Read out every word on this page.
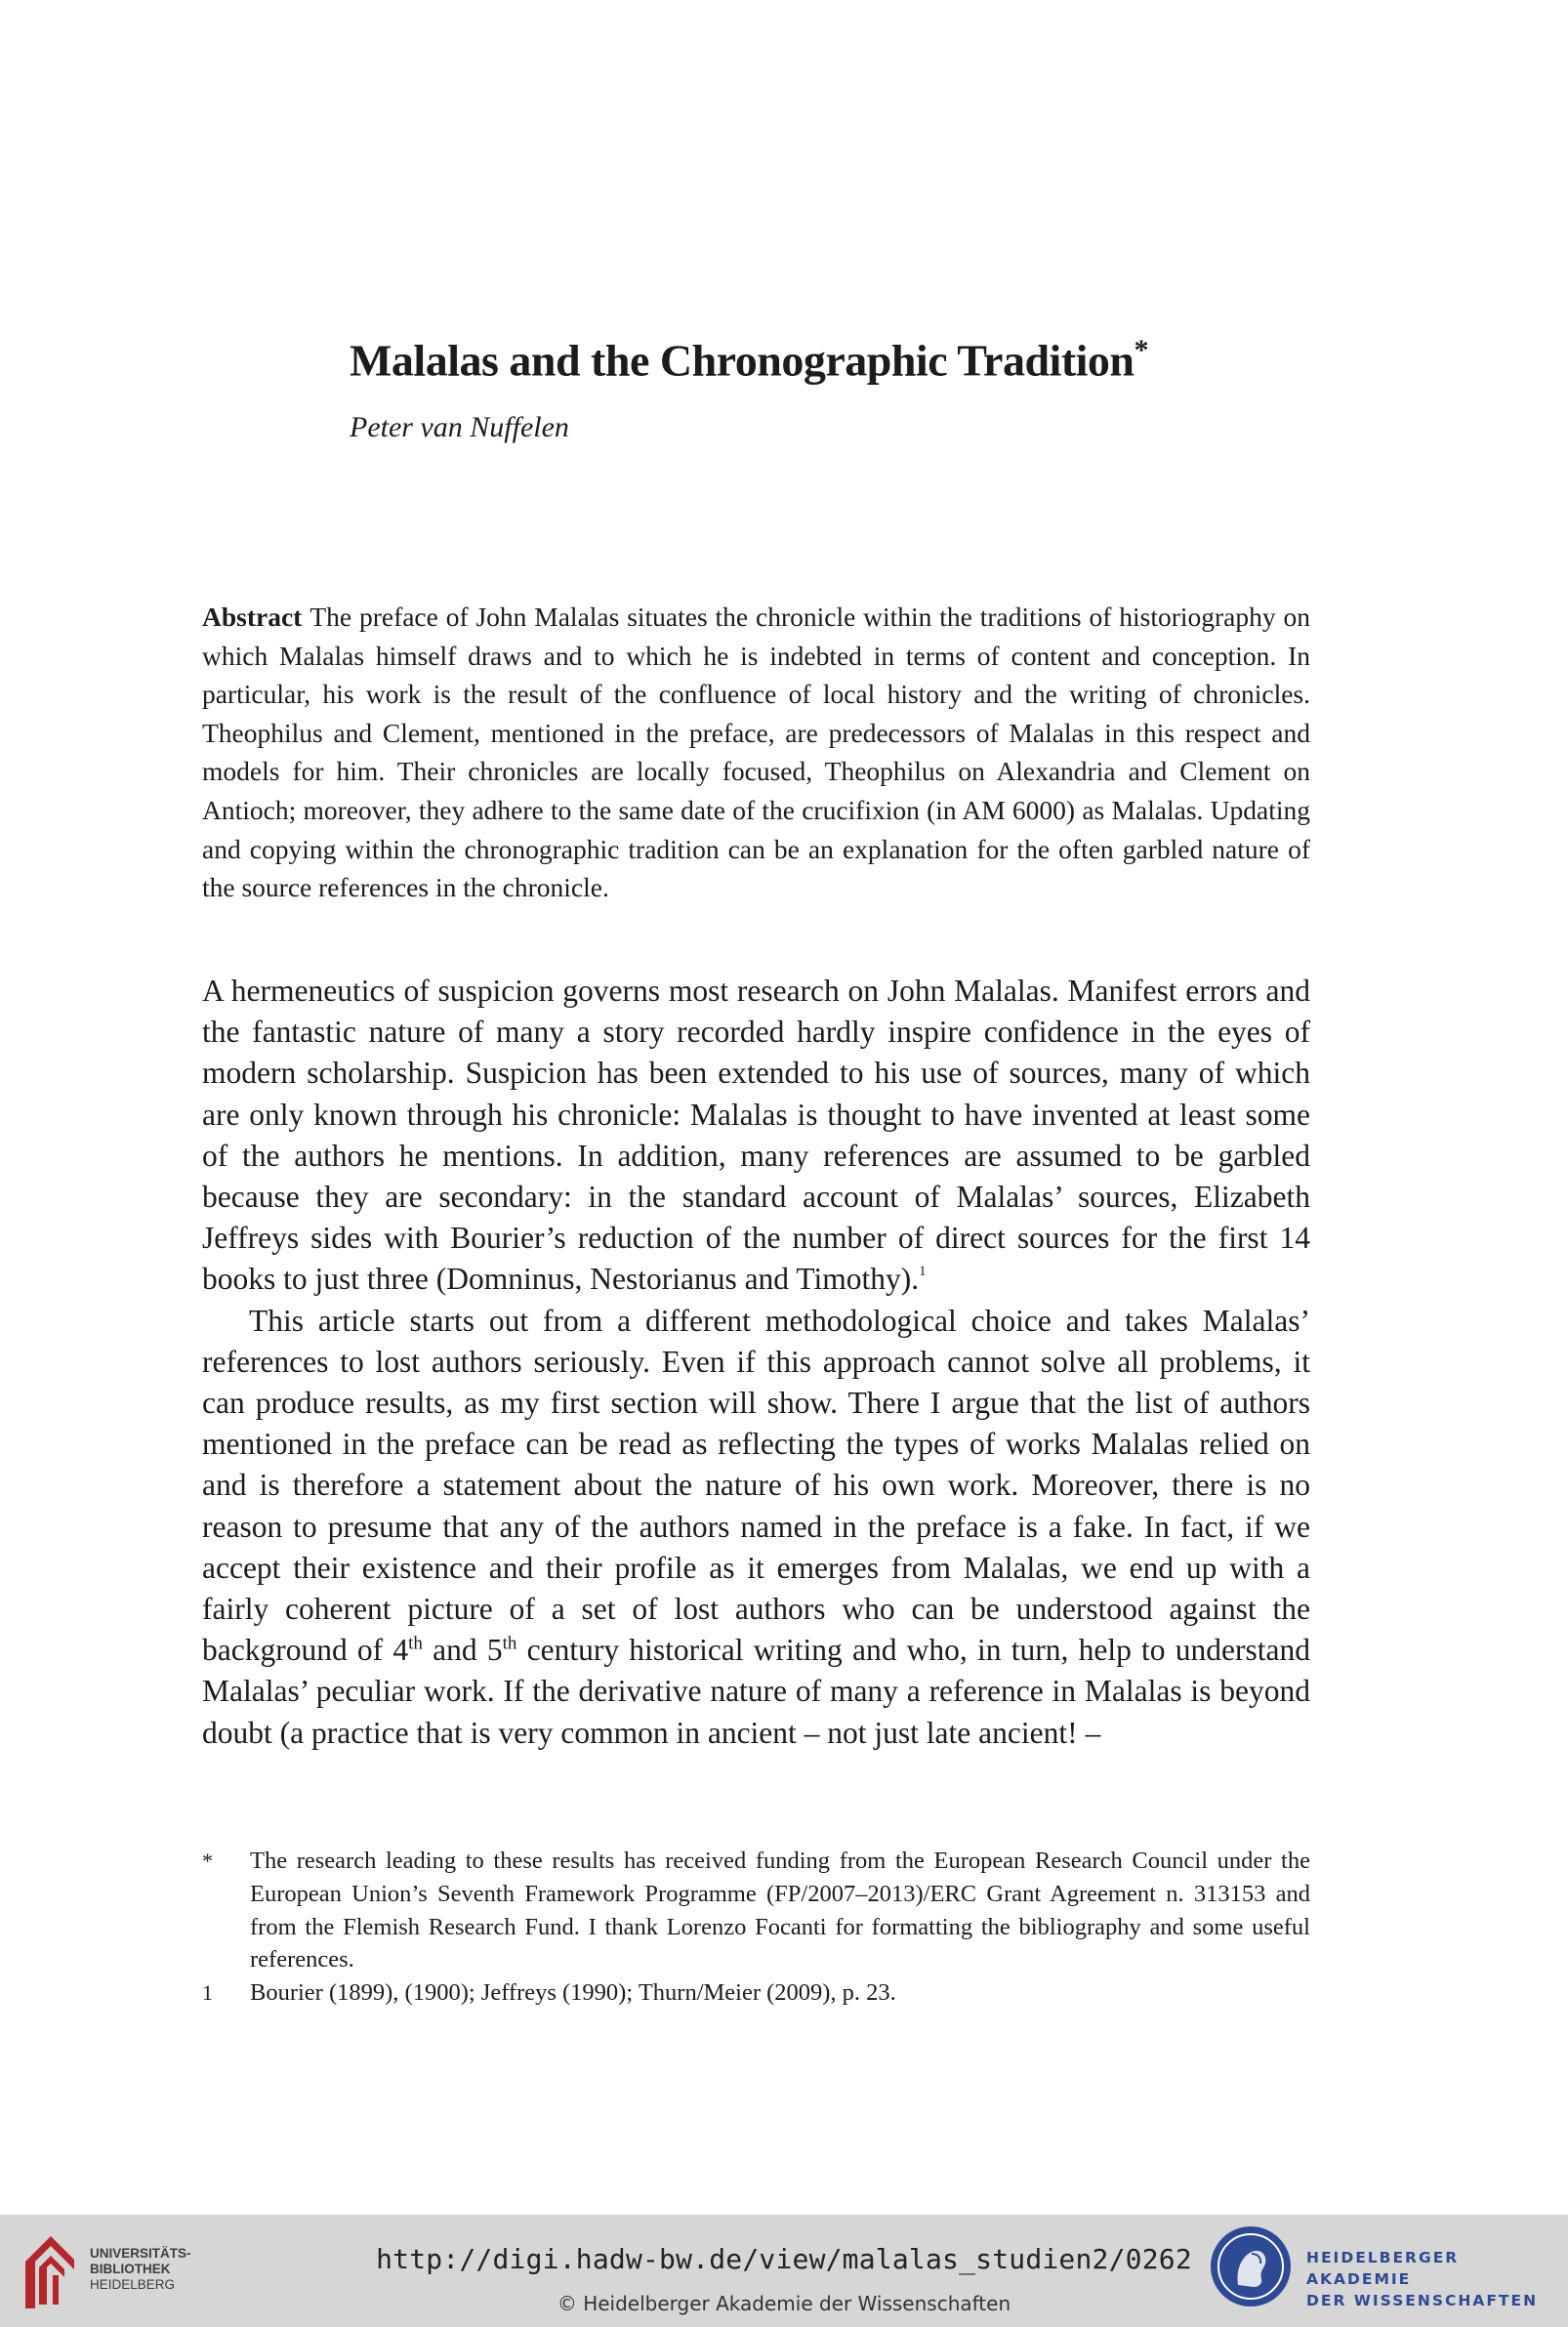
Malalas and the Chronographic Tradition*
Peter van Nuffelen
Abstract The preface of John Malalas situates the chronicle within the traditions of historiography on which Malalas himself draws and to which he is indebted in terms of content and conception. In particular, his work is the result of the confluence of local history and the writing of chronicles. Theophilus and Clement, mentioned in the preface, are predecessors of Malalas in this respect and models for him. Their chronicles are locally focused, Theophilus on Alexandria and Clement on Antioch; moreover, they adhere to the same date of the crucifixion (in AM 6000) as Malalas. Updating and copying within the chronographic tradition can be an explanation for the often garbled nature of the source references in the chronicle.

A hermeneutics of suspicion governs most research on John Malalas. Manifest errors and the fantastic nature of many a story recorded hardly inspire confidence in the eyes of modern scholarship. Suspicion has been extended to his use of sources, many of which are only known through his chronicle: Malalas is thought to have invented at least some of the authors he mentions. In addition, many references are assumed to be garbled because they are secondary: in the standard account of Malalas’ sources, Elizabeth Jeffreys sides with Bourier’s reduction of the number of direct sources for the first 14 books to just three (Domninus, Nestorianus and Timothy).$^1$

This article starts out from a different methodological choice and takes Malalas’ references to lost authors seriously. Even if this approach cannot solve all problems, it can produce results, as my first section will show. There I argue that the list of authors mentioned in the preface can be read as reflecting the types of works Malalas relied on and is therefore a statement about the nature of his own work. Moreover, there is no reason to presume that any of the authors named in the preface is a fake. In fact, if we accept their existence and their profile as it emerges from Malalas, we end up with a fairly coherent picture of a set of lost authors who can be understood against the background of 4th and 5th century historical writing and who, in turn, help to understand Malalas’ peculiar work. If the derivative nature of many a reference in Malalas is beyond doubt (a practice that is very common in ancient – not just late ancient! –

* The research leading to these results has received funding from the European Research Council under the European Union’s Seventh Framework Programme (FP/2007–2013)/ERC Grant Agreement n. 313153 and from the Flemish Research Fund. I thank Lorenzo Focanti for formatting the bibliography and some useful references.
1 Bourier (1899), (1900); Jeffreys (1990); Thurn/Meier (2009), p. 23.
UNIVERSITÄTS-
BIBLIOTHEK
HEIDELBERG
http://digi.hadw-bw.de/view/malalas_studien2/0262
© Heidelberger Akademie der Wissenschaften
HEIDELBERGER AKADEMIE
DER WISSENSCHAFTEN
